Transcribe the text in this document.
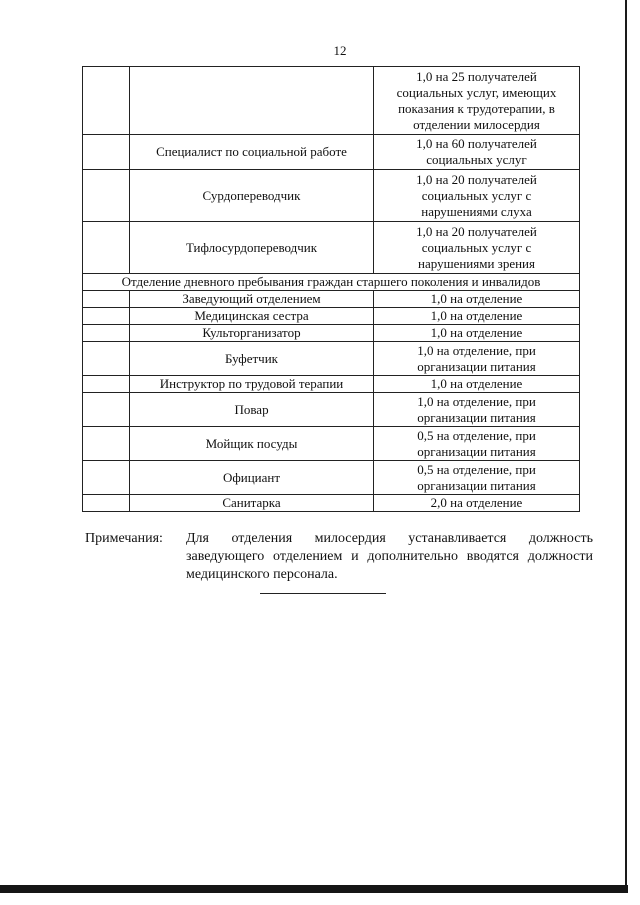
12
		1,0 на 25 получателей
социальных услуг, имеющих
показания к трудотерапии, в
отделении милосердия
	Специалист по социальной работе	1,0 на 60 получателей
социальных услуг
	Сурдопереводчик	1,0 на 20 получателей
социальных услуг с
нарушениями слуха
	Тифлосурдопереводчик	1,0 на 20 получателей
социальных услуг с
нарушениями зрения
Отделение дневного пребывания граждан старшего поколения и инвалидов		
	Заведующий отделением	1,0 на отделение
	Медицинская сестра	1,0 на отделение
	Культорганизатор	1,0 на отделение
	Буфетчик	1,0 на отделение, при
организации питания
	Инструктор по трудовой терапии	1,0 на отделение
	Повар	1,0 на отделение, при
организации питания
	Мойщик посуды	0,5 на отделение, при
организации питания
	Официант	0,5 на отделение, при
организации питания
	Санитарка	2,0 на отделение
Примечания: Для отделения милосердия устанавливается должность заведующего отделением и дополнительно вводятся должности медицинского персонала.
